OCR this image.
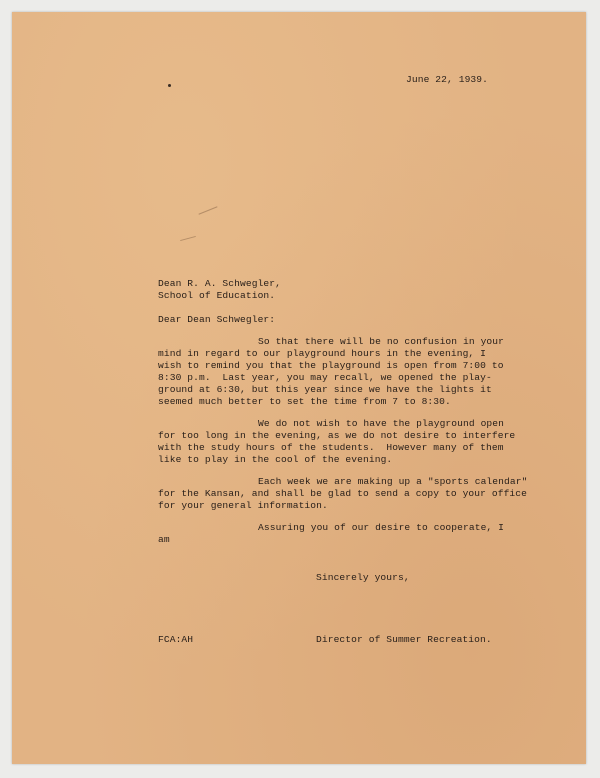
June 22, 1939.
Dean R. A. Schwegler,
School of Education.
Dear Dean Schwegler:
So that there will be no confusion in your
mind in regard to our playground hours in the evening, I
wish to remind you that the playground is open from 7:00 to
8:30 p.m.  Last year, you may recall, we opened the play-
ground at 6:30, but this year since we have the lights it
seemed much better to set the time from 7 to 8:30.
We do not wish to have the playground open
for too long in the evening, as we do not desire to interfere
with the study hours of the students.  However many of them
like to play in the cool of the evening.
Each week we are making up a "sports calendar"
for the Kansan, and shall be glad to send a copy to your office
for your general information.
Assuring you of our desire to cooperate, I
am
Sincerely yours,
FCA:AH	Director of Summer Recreation.
